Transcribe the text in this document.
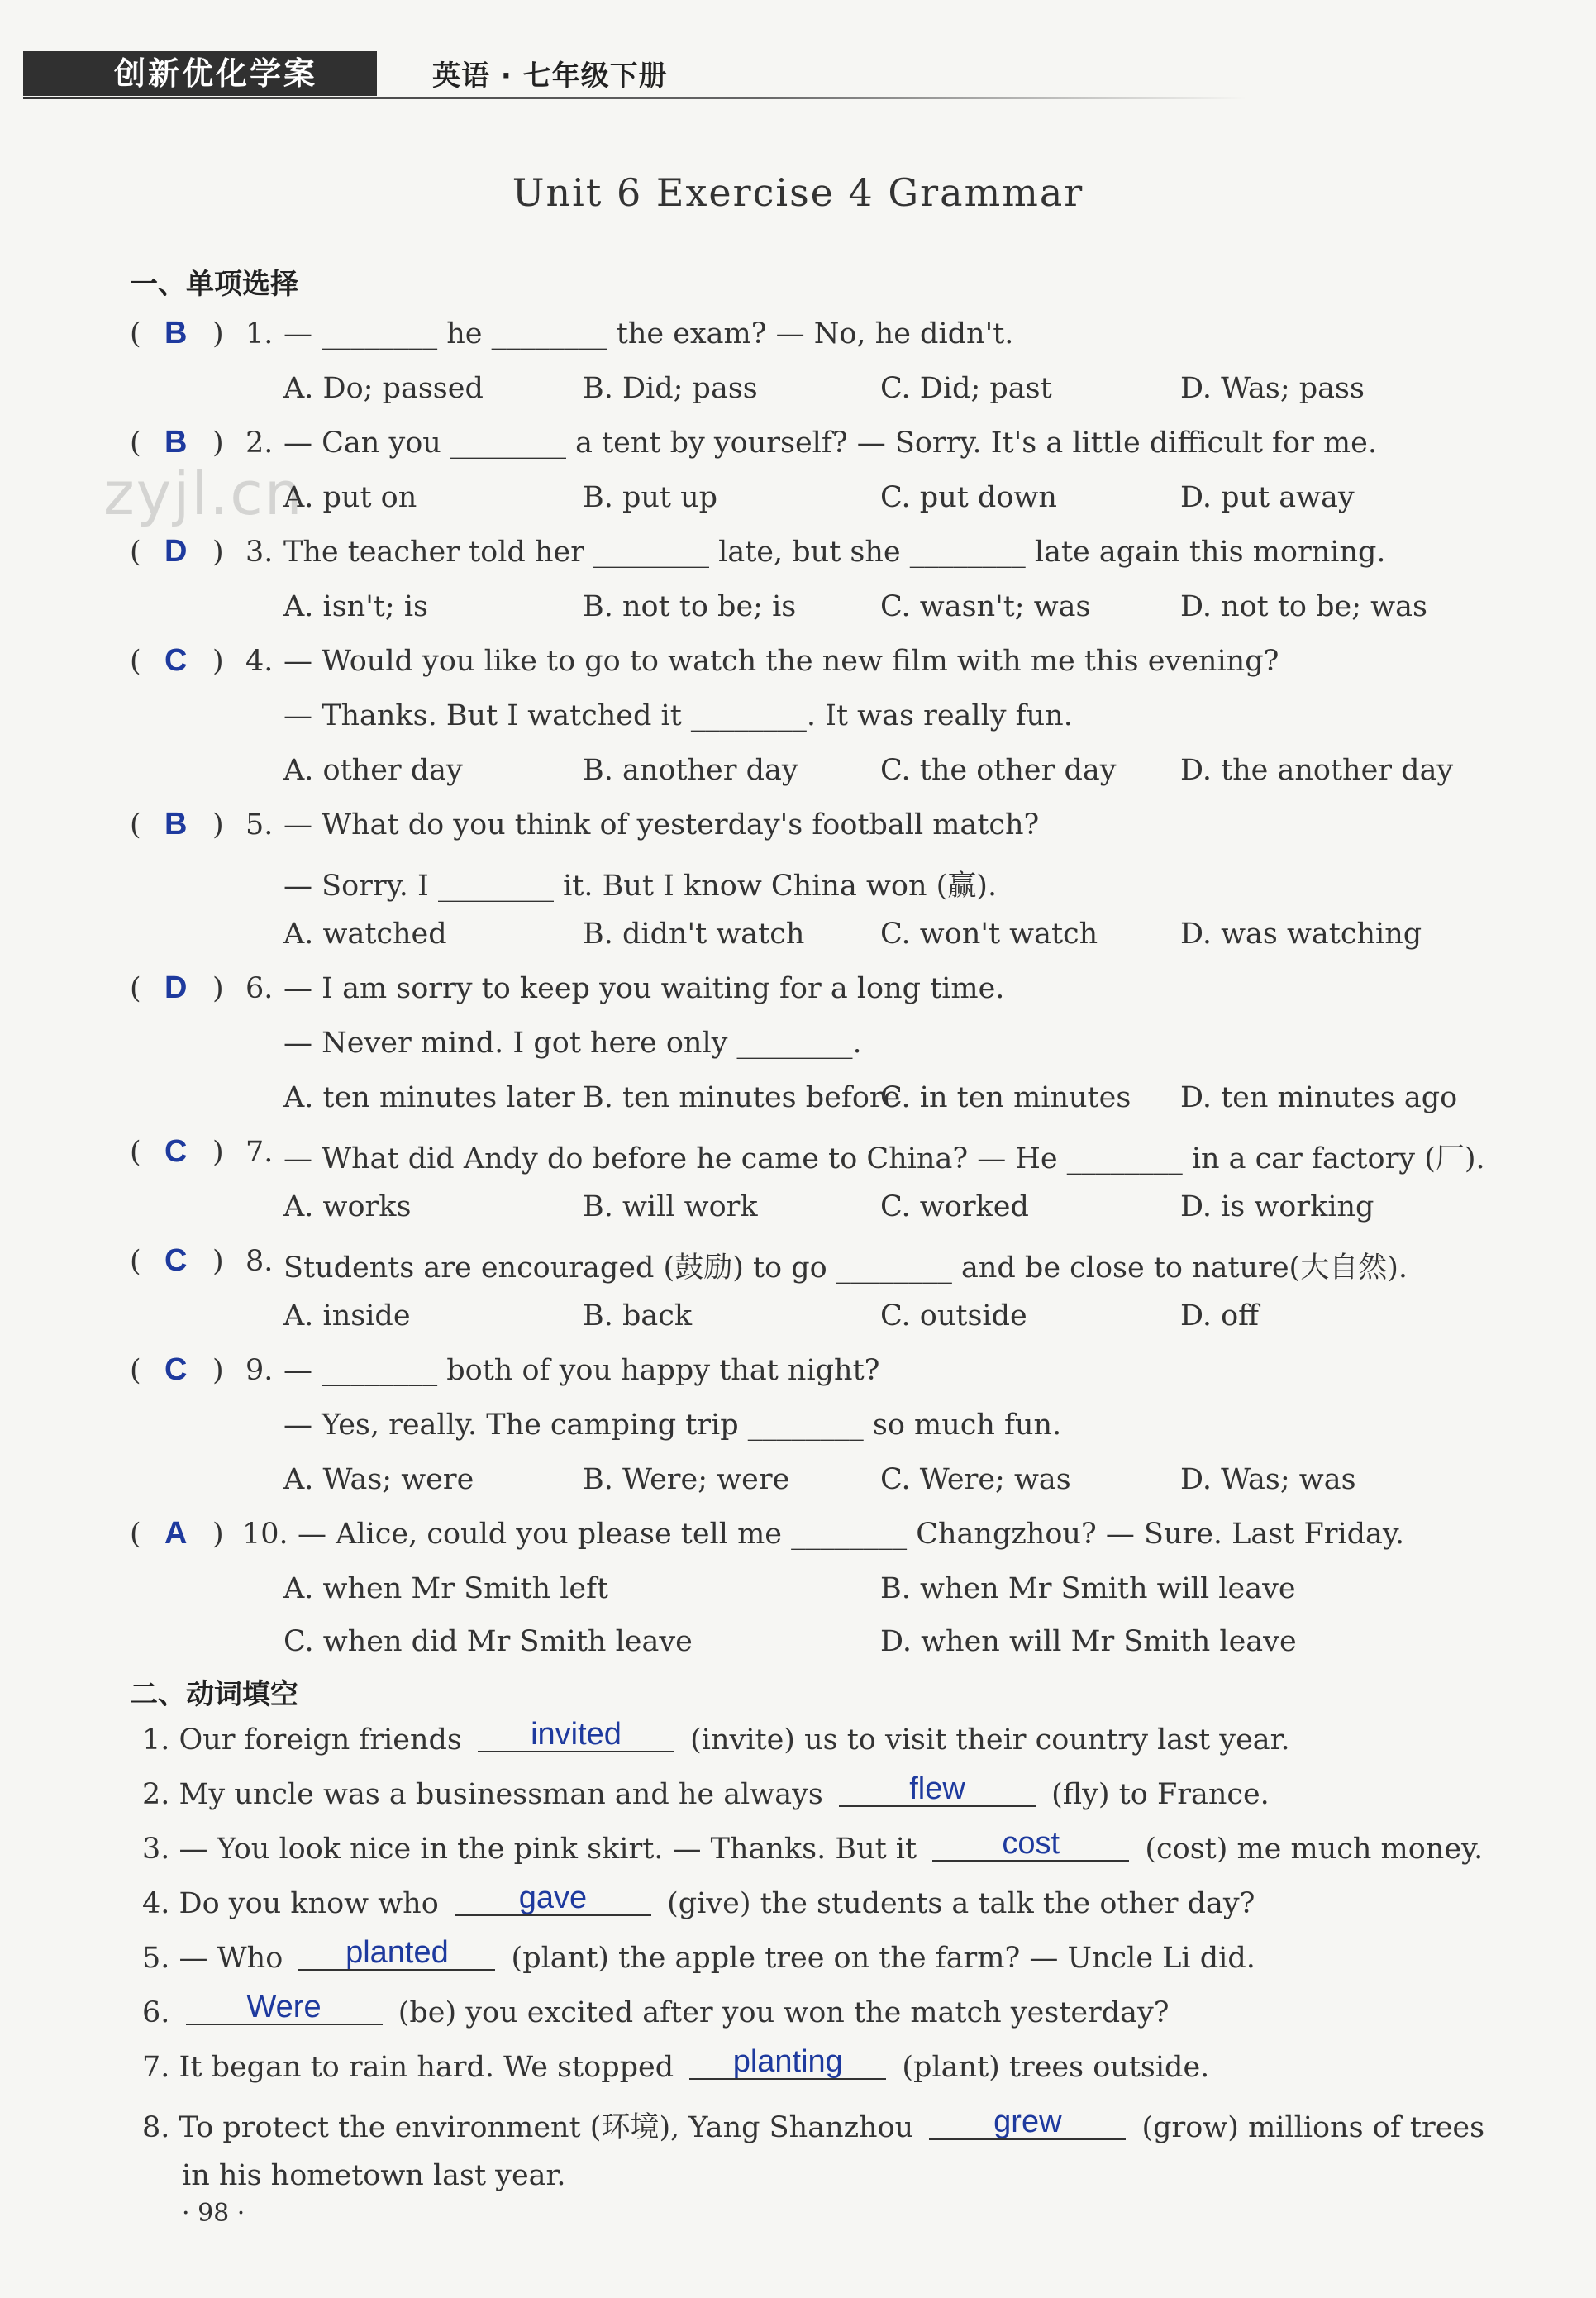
创新优化学案	英语 · 七年级下册
zyjl.cn
Unit 6 Exercise 4 Grammar
一、单项选择
( B ) 1. — ________ he ________ the exam? — No, he didn't.
A. Do; passed	B. Did; pass	C. Did; past	D. Was; pass
( B ) 2. — Can you ________ a tent by yourself? — Sorry. It's a little difficult for me.
A. put on	B. put up	C. put down	D. put away
( D ) 3. The teacher told her ________ late, but she ________ late again this morning.
A. isn't; is	B. not to be; is	C. wasn't; was	D. not to be; was
( C ) 4. — Would you like to go to watch the new film with me this evening?
— Thanks. But I watched it ________. It was really fun.
A. other day	B. another day	C. the other day D. the another day
( B ) 5. — What do you think of yesterday's football match?
— Sorry. I ________ it. But I know China won (赢).
A. watched	B. didn't watch	C. won't watch	D. was watching
( D ) 6. — I am sorry to keep you waiting for a long time.
— Never mind. I got here only ________.
A. ten minutes later B. ten minutes before
C. in ten minutes D. ten minutes ago
( C ) 7. — What did Andy do before he came to China? — He ________ in a car factory (厂).
A. works	B. will work	C. worked	D. is working
( C ) 8. Students are encouraged (鼓励) to go ________ and be close to nature(大自然).
A. inside	B. back	C. outside	D. off
( C ) 9. — ________ both of you happy that night?
— Yes, really. The camping trip ________ so much fun.
A. Was; were	B. Were; were	C. Were; was	D. Was; was
( A ) 10. — Alice, could you please tell me ________ Changzhou? — Sure. Last Friday.
A. when Mr Smith left	B. when Mr Smith will leave
C. when did Mr Smith leave	D. when will Mr Smith leave
二、动词填空
1. Our foreign friends invited (invite) us to visit their country last year.
2. My uncle was a businessman and he always	flew	(fly) to France.
3. — You look nice in the pink skirt. — Thanks. But it	cost	(cost) me much money.
4. Do you know who	gave	(give) the students a talk the other day?
5. — Who planted (plant) the apple tree on the farm? — Uncle Li did.
6. Were	(be) you excited after you won the match yesterday?
7. It began to rain hard. We stopped planting (plant) trees outside.
8. To protect the environment (环境), Yang Shanzhou	grew	(grow) millions of trees
in his hometown last year.
· 98 ·
